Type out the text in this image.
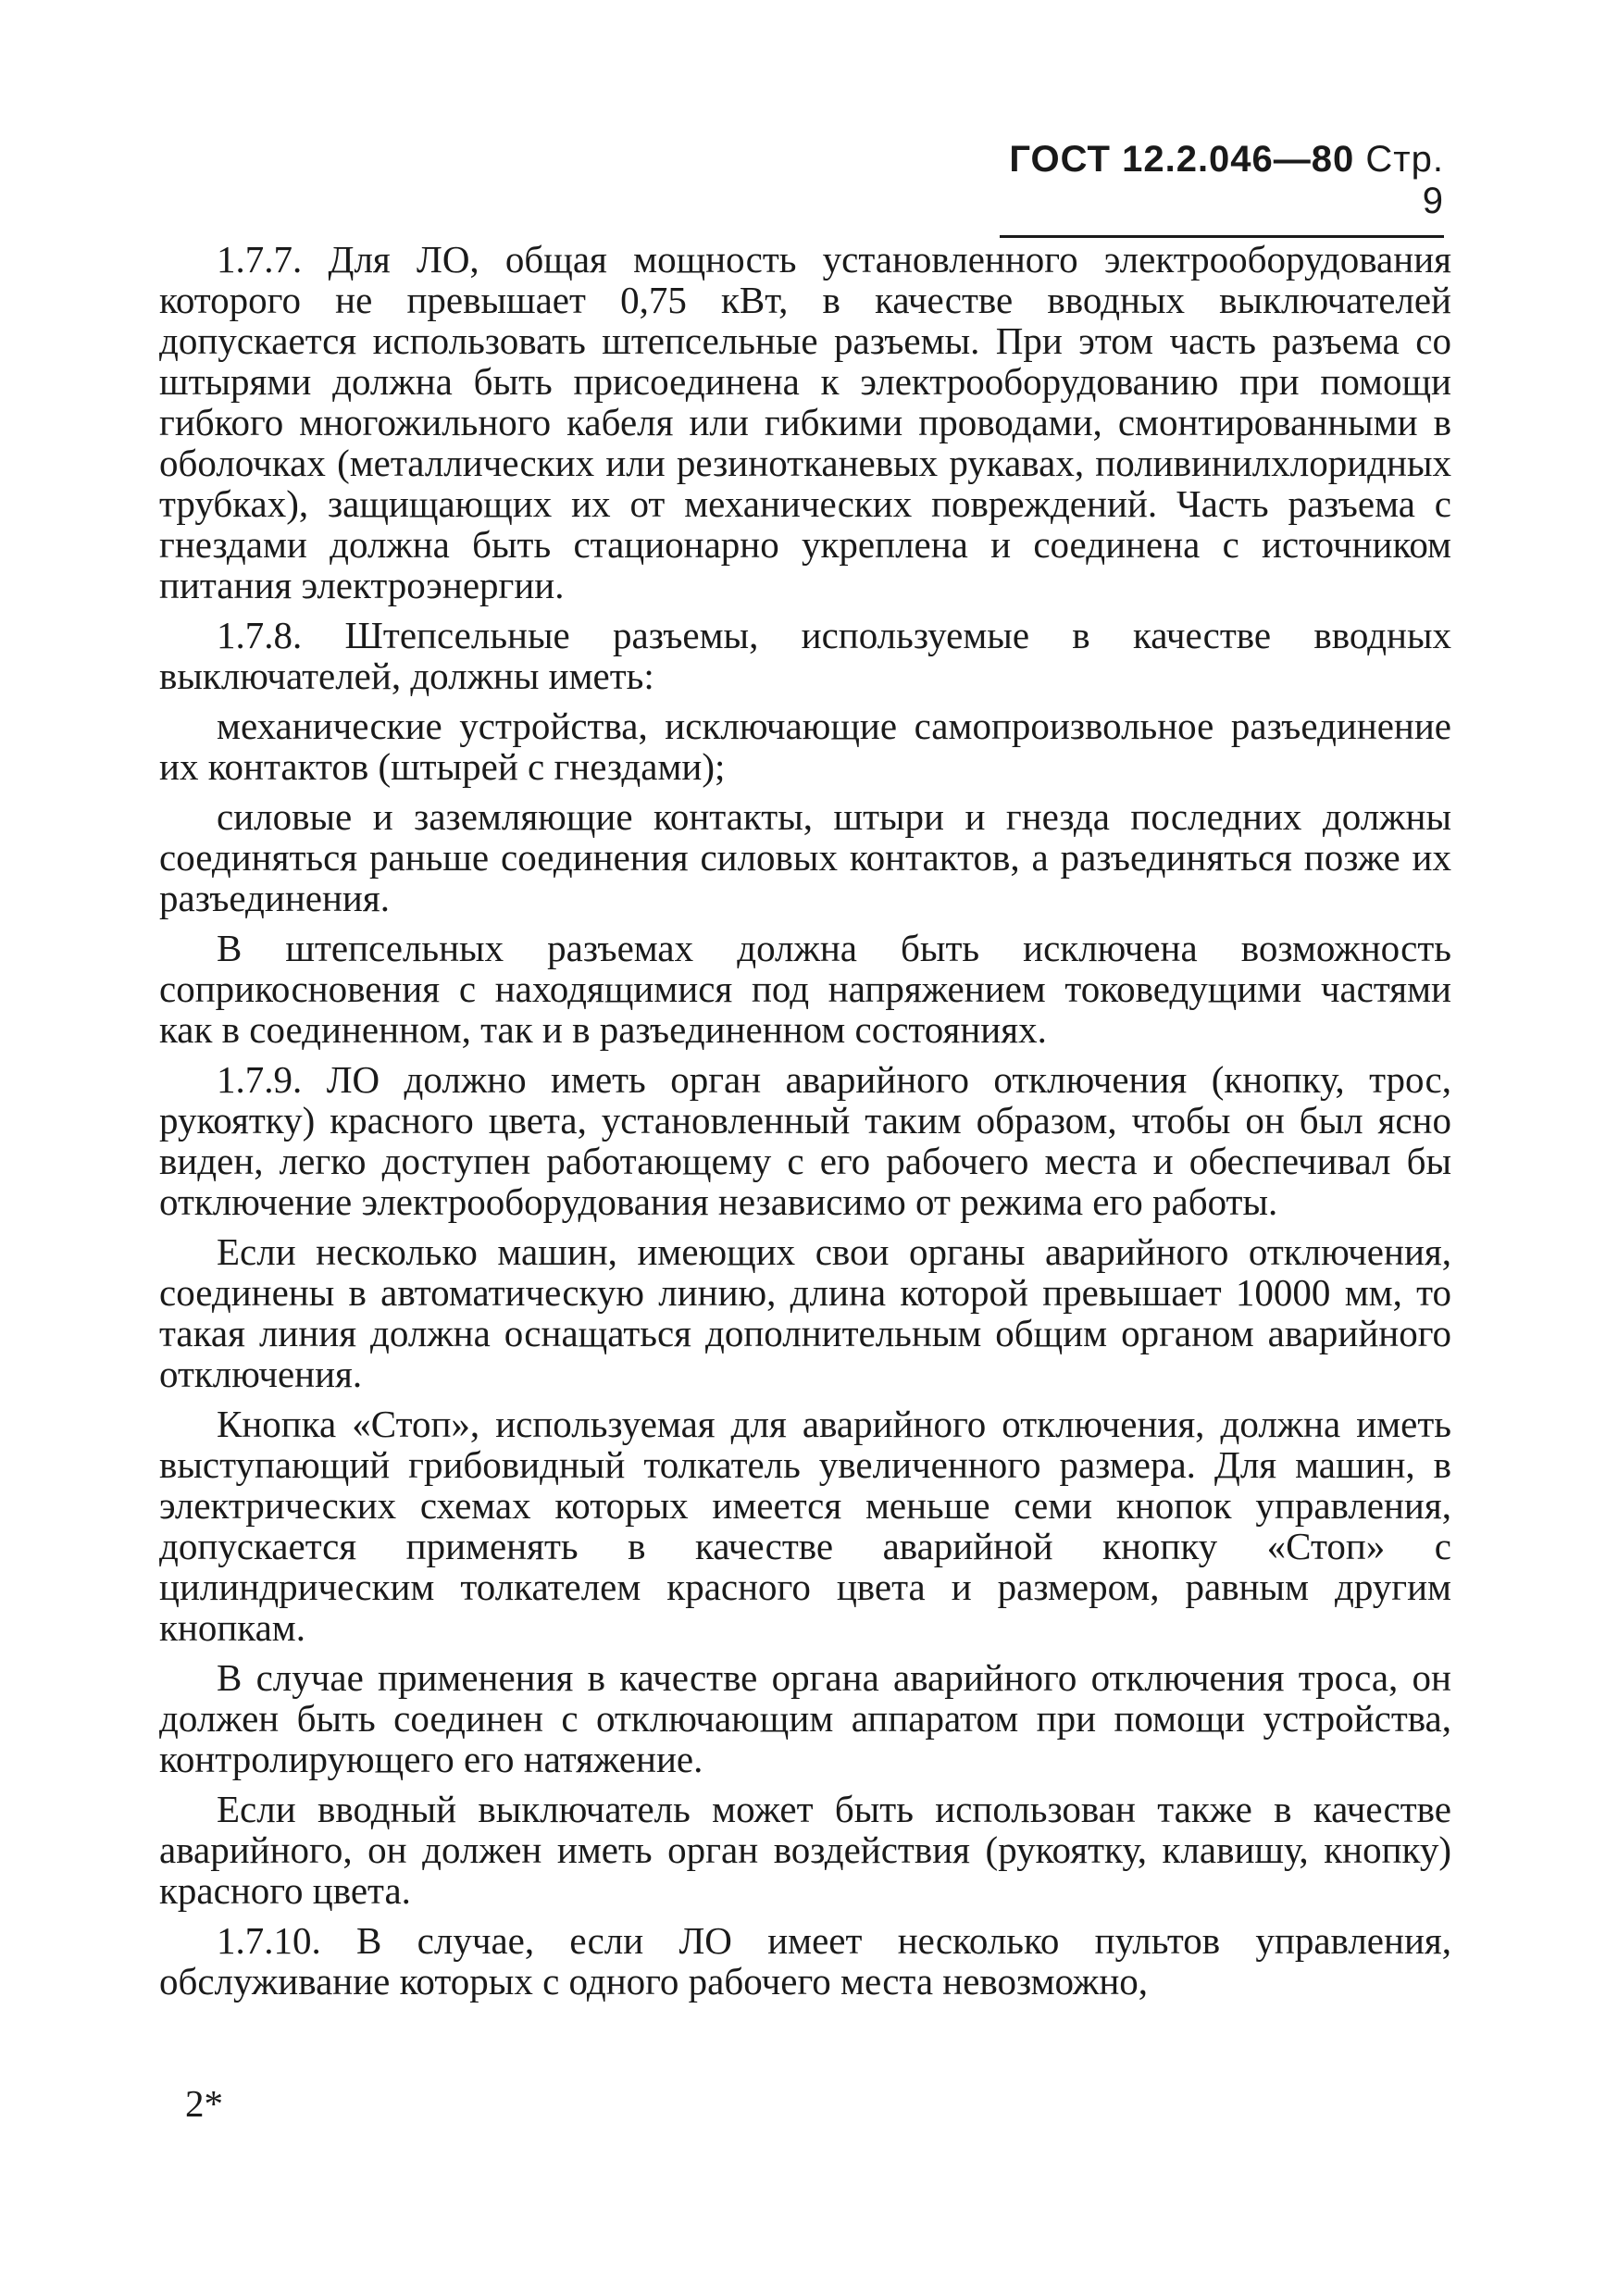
ГОСТ 12.2.046—80 Стр. 9

1.7.7. Для ЛО, общая мощность установленного электрооборудования которого не превышает 0,75 кВт, в качестве вводных выключателей допускается использовать штепсельные разъемы. При этом часть разъема со штырями должна быть присоединена к электрооборудованию при помощи гибкого многожильного кабеля или гибкими проводами, смонтированными в оболочках (металлических или резинотканевых рукавах, поливинилхлоридных трубках), защищающих их от механических повреждений. Часть разъема с гнездами должна быть стационарно укреплена и соединена с источником питания электроэнергии.

1.7.8. Штепсельные разъемы, используемые в качестве вводных выключателей, должны иметь:

механические устройства, исключающие самопроизвольное разъединение их контактов (штырей с гнездами);

силовые и заземляющие контакты, штыри и гнезда последних должны соединяться раньше соединения силовых контактов, а разъединяться позже их разъединения.

В штепсельных разъемах должна быть исключена возможность соприкосновения с находящимися под напряжением токоведущими частями как в соединенном, так и в разъединенном состояниях.

1.7.9. ЛО должно иметь орган аварийного отключения (кнопку, трос, рукоятку) красного цвета, установленный таким образом, чтобы он был ясно виден, легко доступен работающему с его рабочего места и обеспечивал бы отключение электрооборудования независимо от режима его работы.

Если несколько машин, имеющих свои органы аварийного отключения, соединены в автоматическую линию, длина которой превышает 10000 мм, то такая линия должна оснащаться дополнительным общим органом аварийного отключения.

Кнопка «Стоп», используемая для аварийного отключения, должна иметь выступающий грибовидный толкатель увеличенного размера. Для машин, в электрических схемах которых имеется меньше семи кнопок управления, допускается применять в качестве аварийной кнопку «Стоп» с цилиндрическим толкателем красного цвета и размером, равным другим кнопкам.

В случае применения в качестве органа аварийного отключения троса, он должен быть соединен с отключающим аппаратом при помощи устройства, контролирующего его натяжение.

Если вводный выключатель может быть использован также в качестве аварийного, он должен иметь орган воздействия (рукоятку, клавишу, кнопку) красного цвета.

1.7.10. В случае, если ЛО имеет несколько пультов управления, обслуживание которых с одного рабочего места невозможно,

2*
